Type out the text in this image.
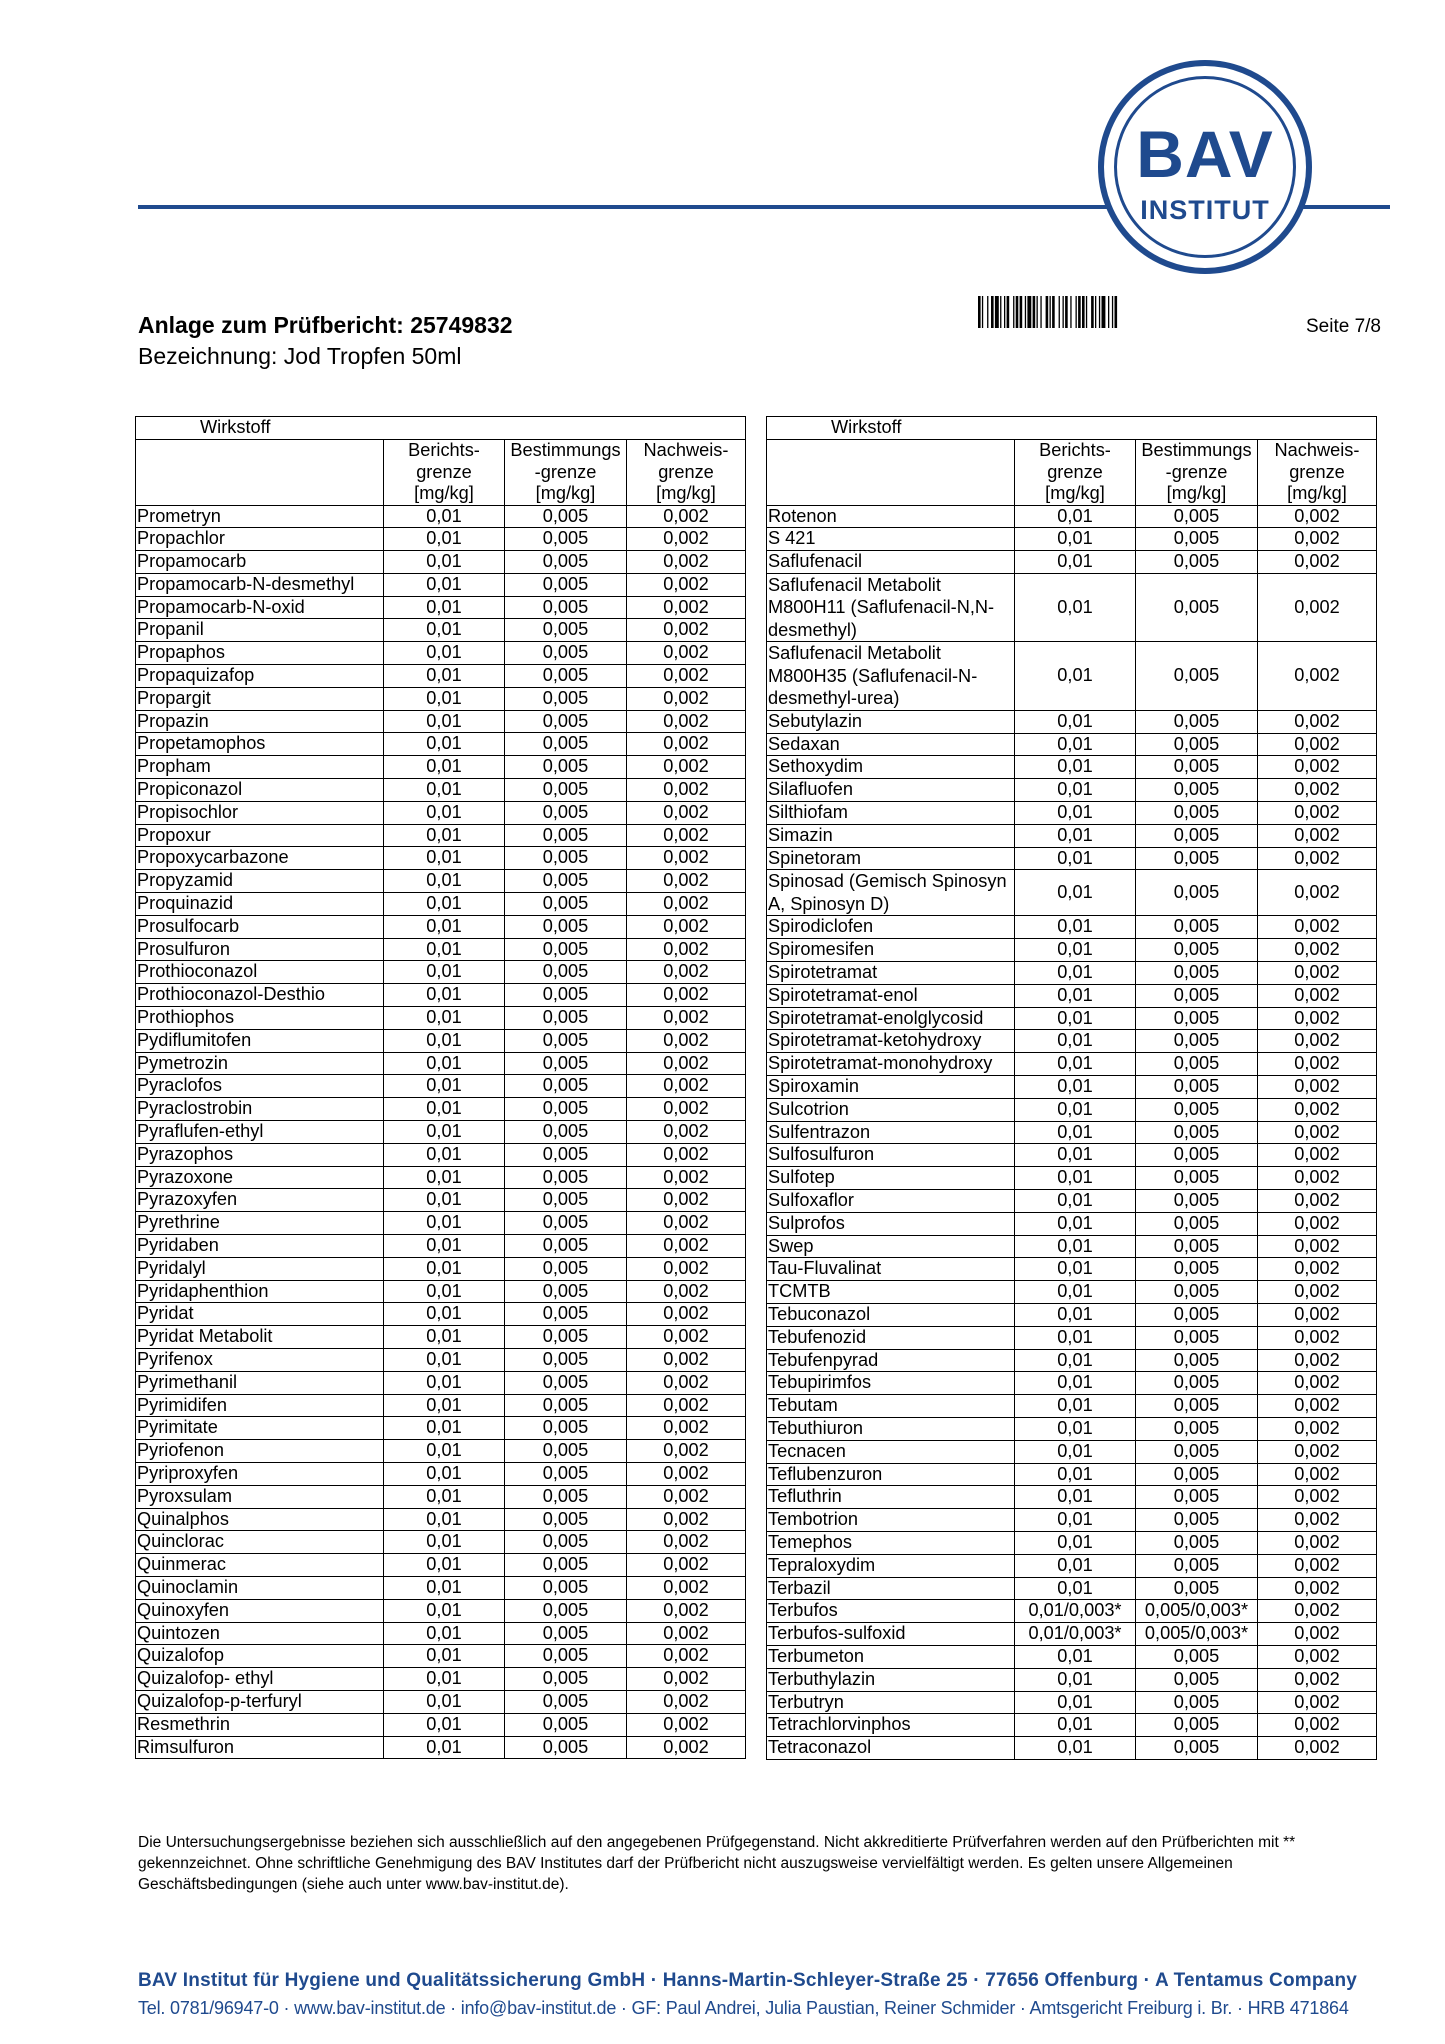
BAV
INSTITUT
Anlage zum Prüfbericht: 25749832
Bezeichnung: Jod Tropfen 50ml
Seite 7/8
Wirkstoff			
	Berichts-grenze [mg/kg]	Bestimmungs -grenze [mg/kg]	Nachweis-grenze [mg/kg]
Prometryn	0,01	0,005	0,002
Propachlor	0,01	0,005	0,002
Propamocarb	0,01	0,005	0,002
Propamocarb-N-desmethyl	0,01	0,005	0,002
Propamocarb-N-oxid	0,01	0,005	0,002
Propanil	0,01	0,005	0,002
Propaphos	0,01	0,005	0,002
Propaquizafop	0,01	0,005	0,002
Propargit	0,01	0,005	0,002
Propazin	0,01	0,005	0,002
Propetamophos	0,01	0,005	0,002
Propham	0,01	0,005	0,002
Propiconazol	0,01	0,005	0,002
Propisochlor	0,01	0,005	0,002
Propoxur	0,01	0,005	0,002
Propoxycarbazone	0,01	0,005	0,002
Propyzamid	0,01	0,005	0,002
Proquinazid	0,01	0,005	0,002
Prosulfocarb	0,01	0,005	0,002
Prosulfuron	0,01	0,005	0,002
Prothioconazol	0,01	0,005	0,002
Prothioconazol-Desthio	0,01	0,005	0,002
Prothiophos	0,01	0,005	0,002
Pydiflumitofen	0,01	0,005	0,002
Pymetrozin	0,01	0,005	0,002
Pyraclofos	0,01	0,005	0,002
Pyraclostrobin	0,01	0,005	0,002
Pyraflufen-ethyl	0,01	0,005	0,002
Pyrazophos	0,01	0,005	0,002
Pyrazoxone	0,01	0,005	0,002
Pyrazoxyfen	0,01	0,005	0,002
Pyrethrine	0,01	0,005	0,002
Pyridaben	0,01	0,005	0,002
Pyridalyl	0,01	0,005	0,002
Pyridaphenthion	0,01	0,005	0,002
Pyridat	0,01	0,005	0,002
Pyridat Metabolit	0,01	0,005	0,002
Pyrifenox	0,01	0,005	0,002
Pyrimethanil	0,01	0,005	0,002
Pyrimidifen	0,01	0,005	0,002
Pyrimitate	0,01	0,005	0,002
Pyriofenon	0,01	0,005	0,002
Pyriproxyfen	0,01	0,005	0,002
Pyroxsulam	0,01	0,005	0,002
Quinalphos	0,01	0,005	0,002
Quinclorac	0,01	0,005	0,002
Quinmerac	0,01	0,005	0,002
Quinoclamin	0,01	0,005	0,002
Quinoxyfen	0,01	0,005	0,002
Quintozen	0,01	0,005	0,002
Quizalofop	0,01	0,005	0,002
Quizalofop- ethyl	0,01	0,005	0,002
Quizalofop-p-terfuryl	0,01	0,005	0,002
Resmethrin	0,01	0,005	0,002
Rimsulfuron	0,01	0,005	0,002
Wirkstoff			
	Berichts-grenze [mg/kg]	Bestimmungs -grenze [mg/kg]	Nachweis-grenze [mg/kg]
Rotenon	0,01	0,005	0,002
S 421	0,01	0,005	0,002
Saflufenacil	0,01	0,005	0,002
Saflufenacil Metabolit M800H11 (Saflufenacil-N,N-desmethyl)	0,01	0,005	0,002
Saflufenacil Metabolit M800H35 (Saflufenacil-N-desmethyl-urea)	0,01	0,005	0,002
Sebutylazin	0,01	0,005	0,002
Sedaxan	0,01	0,005	0,002
Sethoxydim	0,01	0,005	0,002
Silafluofen	0,01	0,005	0,002
Silthiofam	0,01	0,005	0,002
Simazin	0,01	0,005	0,002
Spinetoram	0,01	0,005	0,002
Spinosad (Gemisch Spinosyn A, Spinosyn D)	0,01	0,005	0,002
Spirodiclofen	0,01	0,005	0,002
Spiromesifen	0,01	0,005	0,002
Spirotetramat	0,01	0,005	0,002
Spirotetramat-enol	0,01	0,005	0,002
Spirotetramat-enolglycosid	0,01	0,005	0,002
Spirotetramat-ketohydroxy	0,01	0,005	0,002
Spirotetramat-monohydroxy	0,01	0,005	0,002
Spiroxamin	0,01	0,005	0,002
Sulcotrion	0,01	0,005	0,002
Sulfentrazon	0,01	0,005	0,002
Sulfosulfuron	0,01	0,005	0,002
Sulfotep	0,01	0,005	0,002
Sulfoxaflor	0,01	0,005	0,002
Sulprofos	0,01	0,005	0,002
Swep	0,01	0,005	0,002
Tau-Fluvalinat	0,01	0,005	0,002
TCMTB	0,01	0,005	0,002
Tebuconazol	0,01	0,005	0,002
Tebufenozid	0,01	0,005	0,002
Tebufenpyrad	0,01	0,005	0,002
Tebupirimfos	0,01	0,005	0,002
Tebutam	0,01	0,005	0,002
Tebuthiuron	0,01	0,005	0,002
Tecnacen	0,01	0,005	0,002
Teflubenzuron	0,01	0,005	0,002
Tefluthrin	0,01	0,005	0,002
Tembotrion	0,01	0,005	0,002
Temephos	0,01	0,005	0,002
Tepraloxydim	0,01	0,005	0,002
Terbazil	0,01	0,005	0,002
Terbufos	0,01/0,003*	0,005/0,003*	0,002
Terbufos-sulfoxid	0,01/0,003*	0,005/0,003*	0,002
Terbumeton	0,01	0,005	0,002
Terbuthylazin	0,01	0,005	0,002
Terbutryn	0,01	0,005	0,002
Tetrachlorvinphos	0,01	0,005	0,002
Tetraconazol	0,01	0,005	0,002
Die Untersuchungsergebnisse beziehen sich ausschließlich auf den angegebenen Prüfgegenstand. Nicht akkreditierte Prüfverfahren werden auf den Prüfberichten mit ** gekennzeichnet. Ohne schriftliche Genehmigung des BAV Institutes darf der Prüfbericht nicht auszugsweise vervielfältigt werden. Es gelten unsere Allgemeinen Geschäftsbedingungen (siehe auch unter www.bav-institut.de).
BAV Institut für Hygiene und Qualitätssicherung GmbH · Hanns-Martin-Schleyer-Straße 25 · 77656 Offenburg · A Tentamus Company
Tel. 0781/96947-0 · www.bav-institut.de · info@bav-institut.de · GF: Paul Andrei, Julia Paustian, Reiner Schmider · Amtsgericht Freiburg i. Br. · HRB 471864
